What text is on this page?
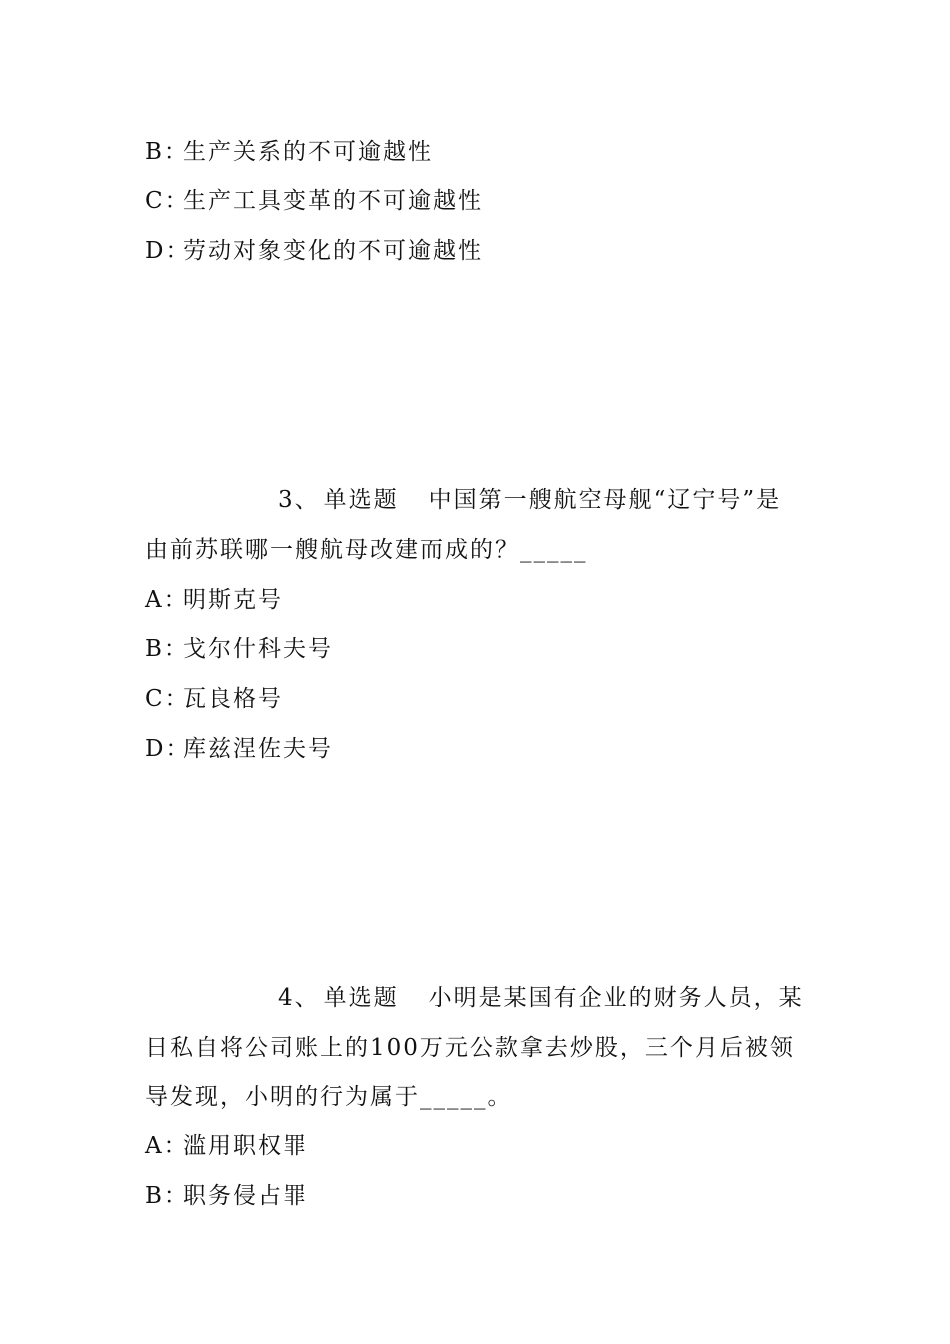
B：生产关系的不可逾越性
C：生产工具变革的不可逾越性
D：劳动对象变化的不可逾越性
3、 单选题 中国第一艘航空母舰“辽宁号”是
由前苏联哪一艘航母改建而成的？_____
A：明斯克号
B：戈尔什科夫号
C：瓦良格号
D：库兹涅佐夫号
4、 单选题 小明是某国有企业的财务人员，某
日私自将公司账上的100万元公款拿去炒股，三个月后被领
导发现，小明的行为属于_____。
A：滥用职权罪
B：职务侵占罪
